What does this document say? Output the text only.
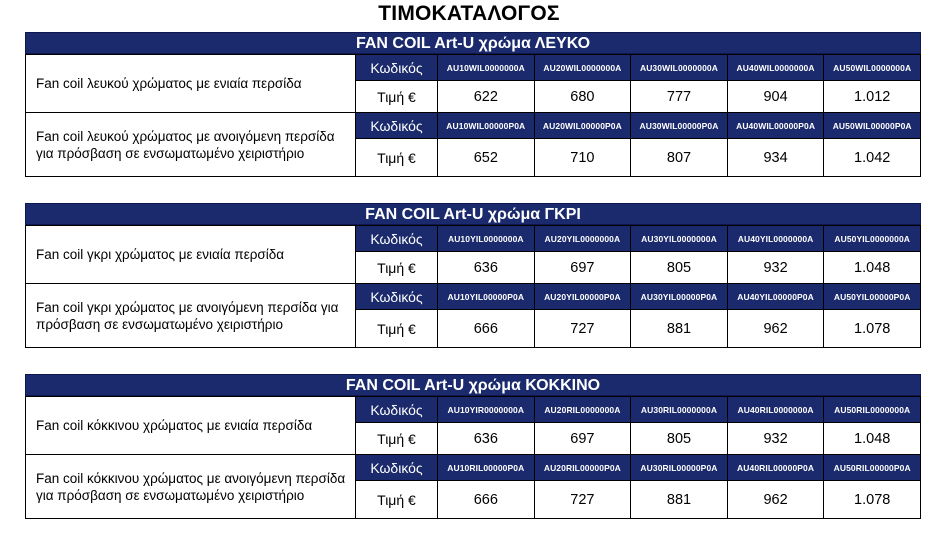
ΤΙΜΟΚΑΤΑΛΟΓΟΣ
FAN COIL Art-U χρώμα ΛΕΥΚΟ
Fan coil λευκού χρώματος με ενιαία περσίδα	Κωδικός	AU10WIL0000000A	AU20WIL0000000A	AU30WIL0000000A	AU40WIL0000000A	AU50WIL0000000A
	Τιμή €	622	680	777	904	1.012
Fan coil λευκού χρώματος με ανοιγόμενη περσίδα για πρόσβαση σε ενσωματωμένο χειριστήριο	Κωδικός	AU10WIL00000P0A	AU20WIL00000P0A	AU30WIL00000P0A	AU40WIL00000P0A	AU50WIL00000P0A
	Τιμή €	652	710	807	934	1.042
FAN COIL Art-U χρώμα ΓΚΡΙ
Fan coil γκρι χρώματος με ενιαία περσίδα	Κωδικός	AU10YIL0000000A	AU20YIL0000000A	AU30YIL0000000A	AU40YIL0000000A	AU50YIL0000000A
	Τιμή €	636	697	805	932	1.048
Fan coil γκρι χρώματος με ανοιγόμενη περσίδα για πρόσβαση σε ενσωματωμένο χειριστήριο	Κωδικός	AU10YIL00000P0A	AU20YIL00000P0A	AU30YIL00000P0A	AU40YIL00000P0A	AU50YIL00000P0A
	Τιμή €	666	727	881	962	1.078
FAN COIL Art-U χρώμα ΚΟΚΚΙΝΟ
Fan coil κόκκινου χρώματος με ενιαία περσίδα	Κωδικός	AU10YIR0000000A	AU20RIL0000000A	AU30RIL0000000A	AU40RIL0000000A	AU50RIL0000000A
	Τιμή €	636	697	805	932	1.048
Fan coil κόκκινου χρώματος με ανοιγόμενη περσίδα για πρόσβαση σε ενσωματωμένο χειριστήριο	Κωδικός	AU10RIL00000P0A	AU20RIL00000P0A	AU30RIL00000P0A	AU40RIL00000P0A	AU50RIL00000P0A
	Τιμή €	666	727	881	962	1.078
